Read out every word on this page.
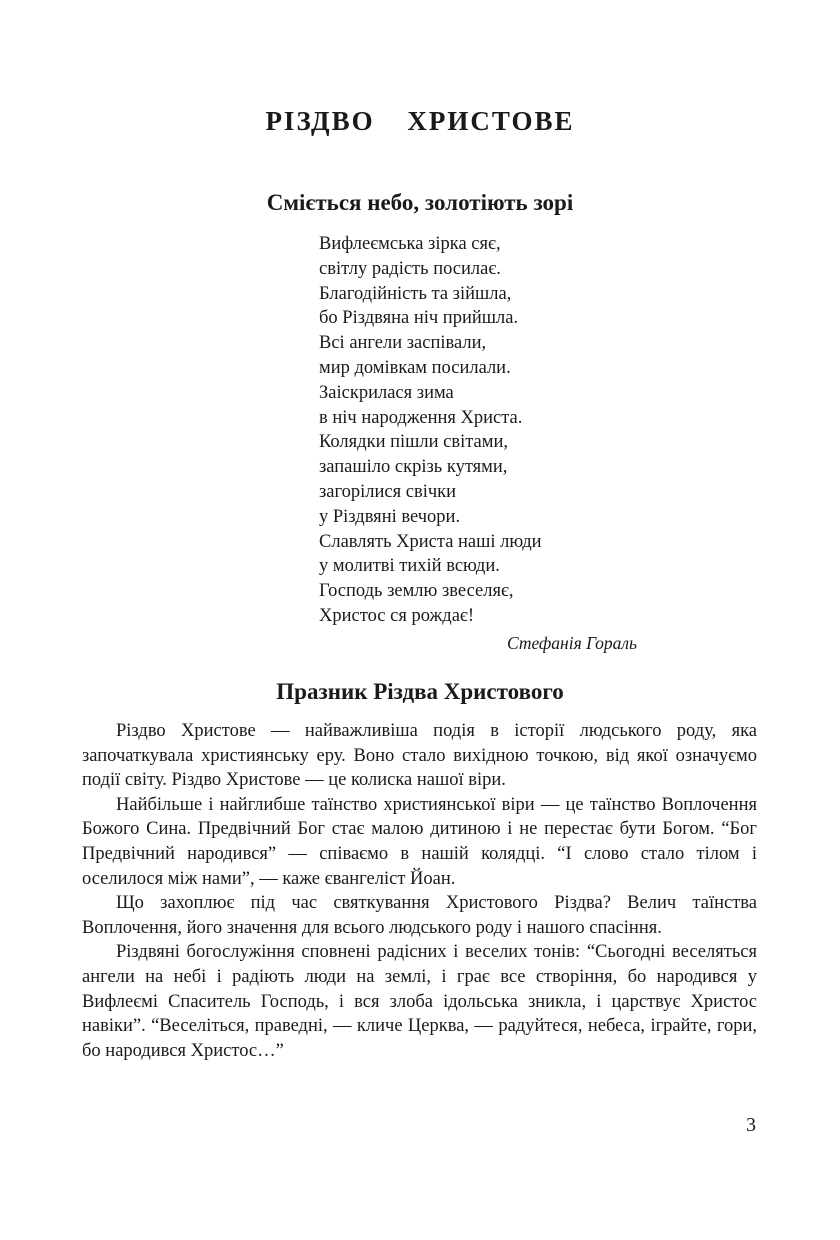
РІЗДВО ХРИСТОВЕ
Сміється небо, золотіють зорі
Вифлеємська зірка сяє,
світлу радість посилає.
Благодійність та зійшла,
бо Різдвяна ніч прийшла.
Всі ангели заспівали,
мир домівкам посилали.
Заіскрилася зима
в ніч народження Христа.
Колядки пішли світами,
запашіло скрізь кутями,
загорілися свічки
у Різдвяні вечори.
Славлять Христа наші люди
у молитві тихій всюди.
Господь землю звеселяє,
Христос ся рождає!

Стефанія Гораль

Празник Різдва Христового

Різдво Христове — найважливіша подія в історії людського роду, яка започаткувала християнську еру. Воно стало вихідною точкою, від якої означуємо події світу. Різдво Христове — це колиска нашої віри.

Найбільше і найглибше таїнство християнської віри — це таїнство Воплочення Божого Сина. Предвічний Бог стає малою дитиною і не перестає бути Богом. “Бог Предвічний народився” — співаємо в нашій колядці. “І слово стало тілом і оселилося між нами”, — каже євангеліст Йоан.

Що захоплює під час святкування Христового Різдва? Велич таїнства Воплочення, його значення для всього людського роду і нашого спасіння.

Різдвяні богослужіння сповнені радісних і веселих тонів: “Сьогодні веселяться ангели на небі і радіють люди на землі, і грає все створіння, бо народився у Вифлеємі Спаситель Господь, і вся злоба ідольська зникла, і царствує Христос навіки”. “Веселіться, праведні, — кличе Церква, — радуйтеся, небеса, іграйте, гори, бо народився Христос…”

3
